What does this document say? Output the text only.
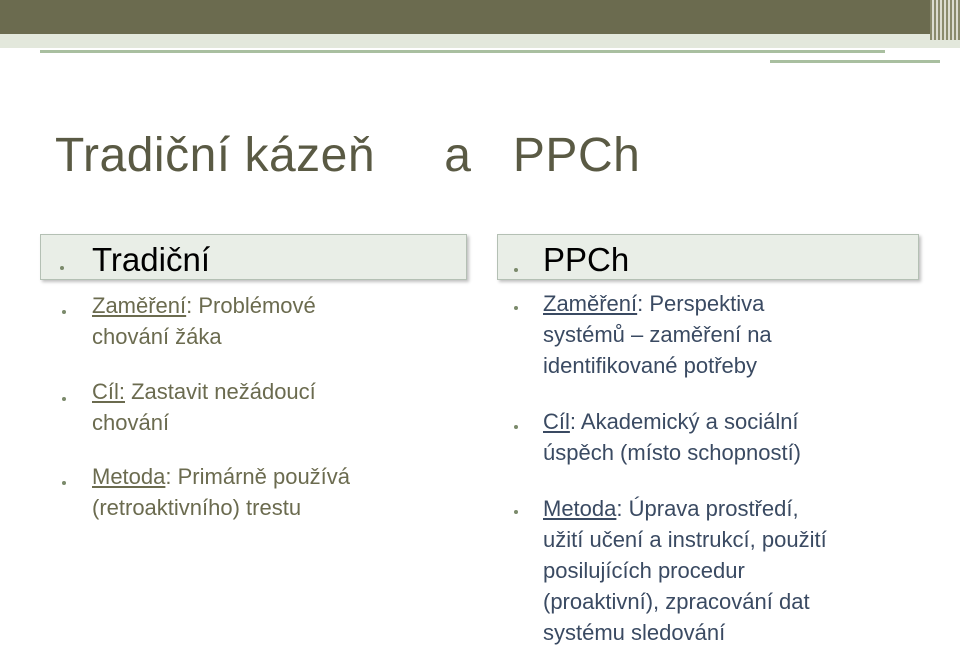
Tradiční kázeň     a   PPCh
Tradiční
Zaměření: Problémové
chování žáka
Cíl: Zastavit nežádoucí
chování
Metoda: Primárně používá
(retroaktivního) trestu
PPCh
Zaměření: Perspektiva
systémů – zaměření na
identifikované potřeby
Cíl: Akademický a sociální
úspěch (místo schopností)
Metoda: Úprava prostředí,
užití učení a instrukcí, použití
posilujících procedur
(proaktivní), zpracování dat
systému sledování
